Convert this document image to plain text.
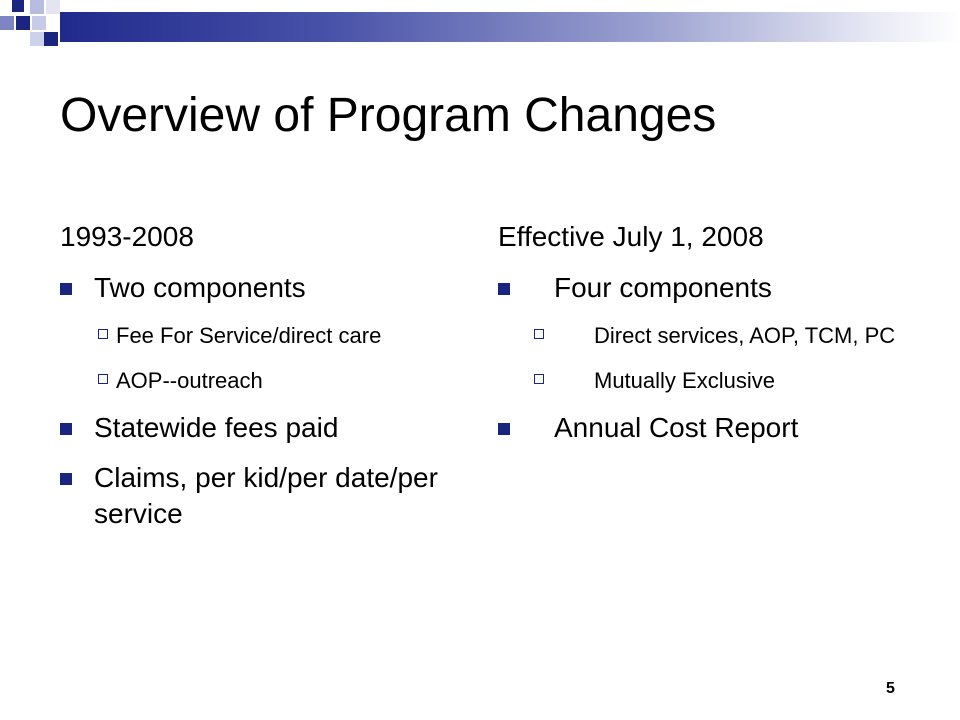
Overview of Program Changes
1993-2008
Two components
Fee For Service/direct care
AOP--outreach
Statewide fees paid
Claims, per kid/per date/per service
Effective July 1, 2008
Four components
Direct services, AOP, TCM, PC
Mutually Exclusive
Annual Cost Report
5
